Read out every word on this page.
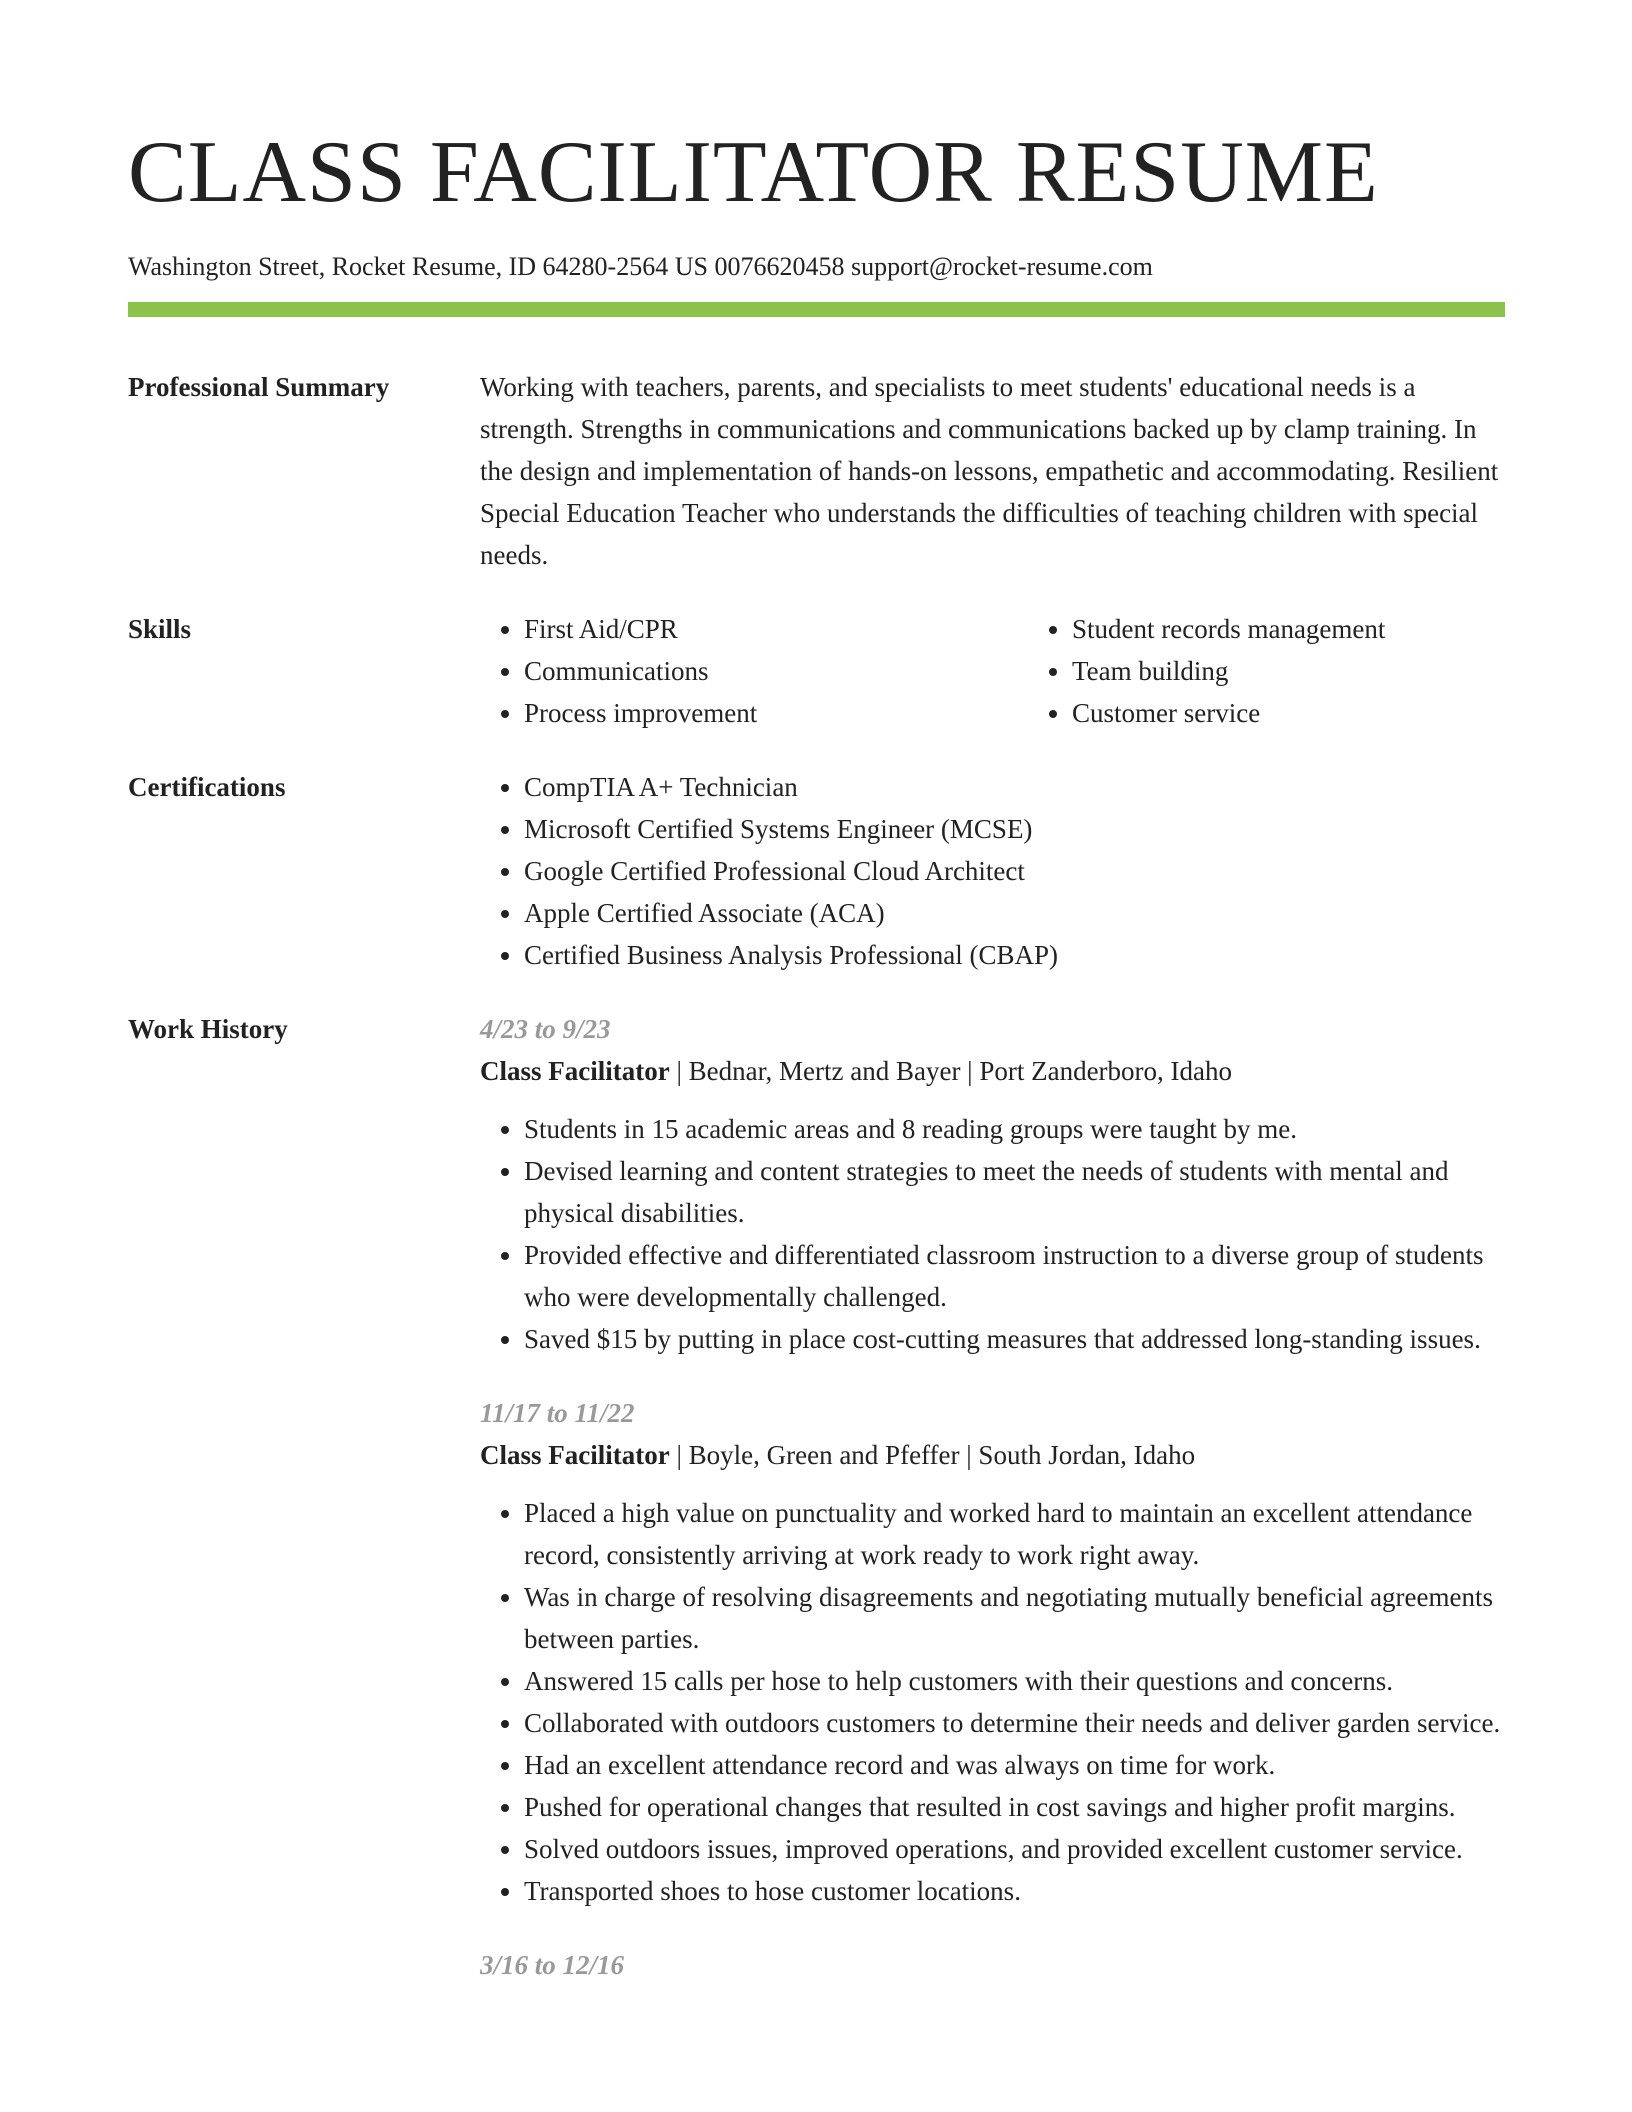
CLASS FACILITATOR RESUME
Washington Street, Rocket Resume, ID 64280-2564 US 0076620458 support@rocket-resume.com
Professional Summary	Working with teachers, parents, and specialists to meet students' educational needs is a strength. Strengths in communications and communications backed up by clamp training. In the design and implementation of hands-on lessons, empathetic and accommodating. Resilient Special Education Teacher who understands the difficulties of teaching children with special needs.
Skills	• First Aid/CPR
• Communications
• Process improvement
• Student records management
• Team building
• Customer service
Certifications	• CompTIA A+ Technician
• Microsoft Certified Systems Engineer (MCSE)
• Google Certified Professional Cloud Architect
• Apple Certified Associate (ACA)
• Certified Business Analysis Professional (CBAP)
Work History	4/23 to 9/23
Class Facilitator | Bednar, Mertz and Bayer | Port Zanderboro, Idaho
• Students in 15 academic areas and 8 reading groups were taught by me.
• Devised learning and content strategies to meet the needs of students with mental and physical disabilities.
• Provided effective and differentiated classroom instruction to a diverse group of students who were developmentally challenged.
• Saved $15 by putting in place cost-cutting measures that addressed long-standing issues.
11/17 to 11/22
Class Facilitator | Boyle, Green and Pfeffer | South Jordan, Idaho
• Placed a high value on punctuality and worked hard to maintain an excellent attendance record, consistently arriving at work ready to work right away.
• Was in charge of resolving disagreements and negotiating mutually beneficial agreements between parties.
• Answered 15 calls per hose to help customers with their questions and concerns.
• Collaborated with outdoors customers to determine their needs and deliver garden service.
• Had an excellent attendance record and was always on time for work.
• Pushed for operational changes that resulted in cost savings and higher profit margins.
• Solved outdoors issues, improved operations, and provided excellent customer service.
• Transported shoes to hose customer locations.
3/16 to 12/16
